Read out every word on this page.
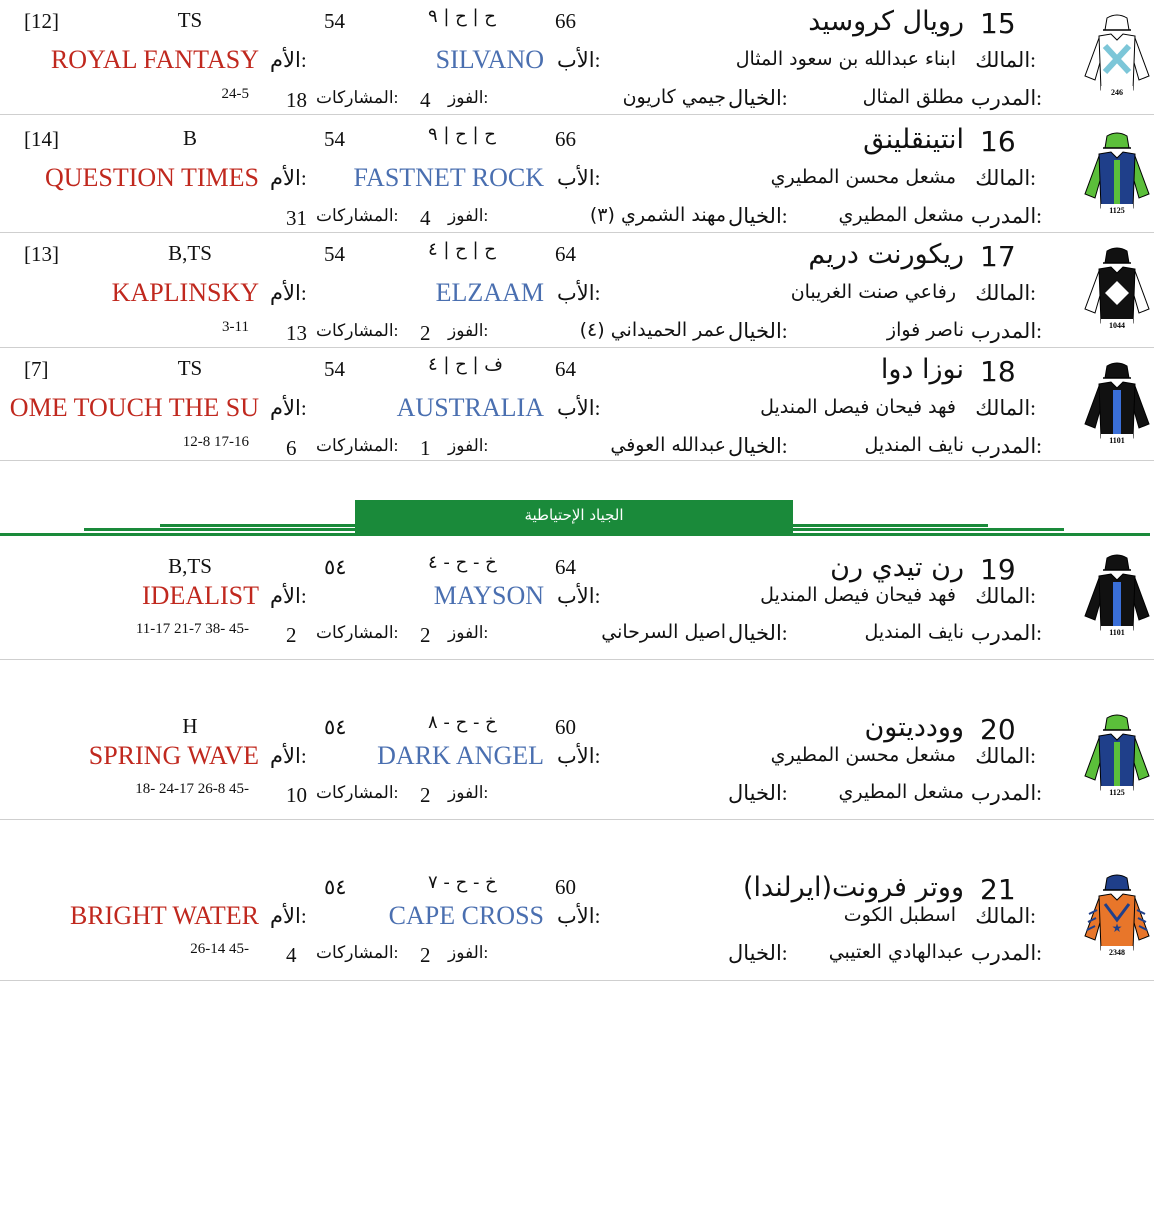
246
15
رويال كروسيد
66
ح | ح | ٩
54
TS
[12]
المالك:
ابناء عبدالله بن سعود المثال
الأب:
SILVANO
الأم:
ROYAL FANTASY
المدرب:
مطلق المثال
الخيال:
جيمي كاريون
الفوز:
4
المشاركات:
18
24-5
1125
16
انتينقلينق
66
ح | ح | ٩
54
B
[14]
المالك:
مشعل محسن المطيري
الأب:
FASTNET ROCK
الأم:
QUESTION TIMES
المدرب:
مشعل المطيري
الخيال:
مهند الشمري (٣)
الفوز:
4
المشاركات:
31
1044
17
ريكورنت دريم
64
ح | ح | ٤
54
B,TS
[13]
المالك:
رفاعي صنت الغريبان
الأب:
ELZAAM
الأم:
KAPLINSKY
المدرب:
ناصر فواز
الخيال:
عمر الحميداني (٤)
الفوز:
2
المشاركات:
13
3-11
1101
18
نوزا دوا
64
ف | ح | ٤
54
TS
[7]
المالك:
فهد فيحان فيصل المنديل
الأب:
AUSTRALIA
الأم:
OME TOUCH THE SU
المدرب:
نايف المنديل
الخيال:
عبدالله العوفي
الفوز:
1
المشاركات:
6
12-8 17-16
1101
19
رن تيدي رن
64
خ - ح - ٤
٥٤
B,TS
المالك:
فهد فيحان فيصل المنديل
الأب:
MAYSON
الأم:
IDEALIST
المدرب:
نايف المنديل
الخيال:
اصيل السرحاني
الفوز:
2
المشاركات:
2
11-17 21-7 38- 45-
1125
20
وودديتون
60
خ - ح - ٨
٥٤
H
المالك:
مشعل محسن المطيري
الأب:
DARK ANGEL
الأم:
SPRING WAVE
المدرب:
مشعل المطيري
الخيال:
الفوز:
2
المشاركات:
10
18- 24-17 26-8 45-
★
2348
21
ووتر فرونت(ايرلندا)
60
خ - ح - ٧
٥٤
المالك:
اسطبل الكوت
الأب:
CAPE CROSS
الأم:
BRIGHT WATER
المدرب:
عبدالهادي العتيبي
الخيال:
الفوز:
2
المشاركات:
4
26-14 45-
الجياد الإحتياطية
